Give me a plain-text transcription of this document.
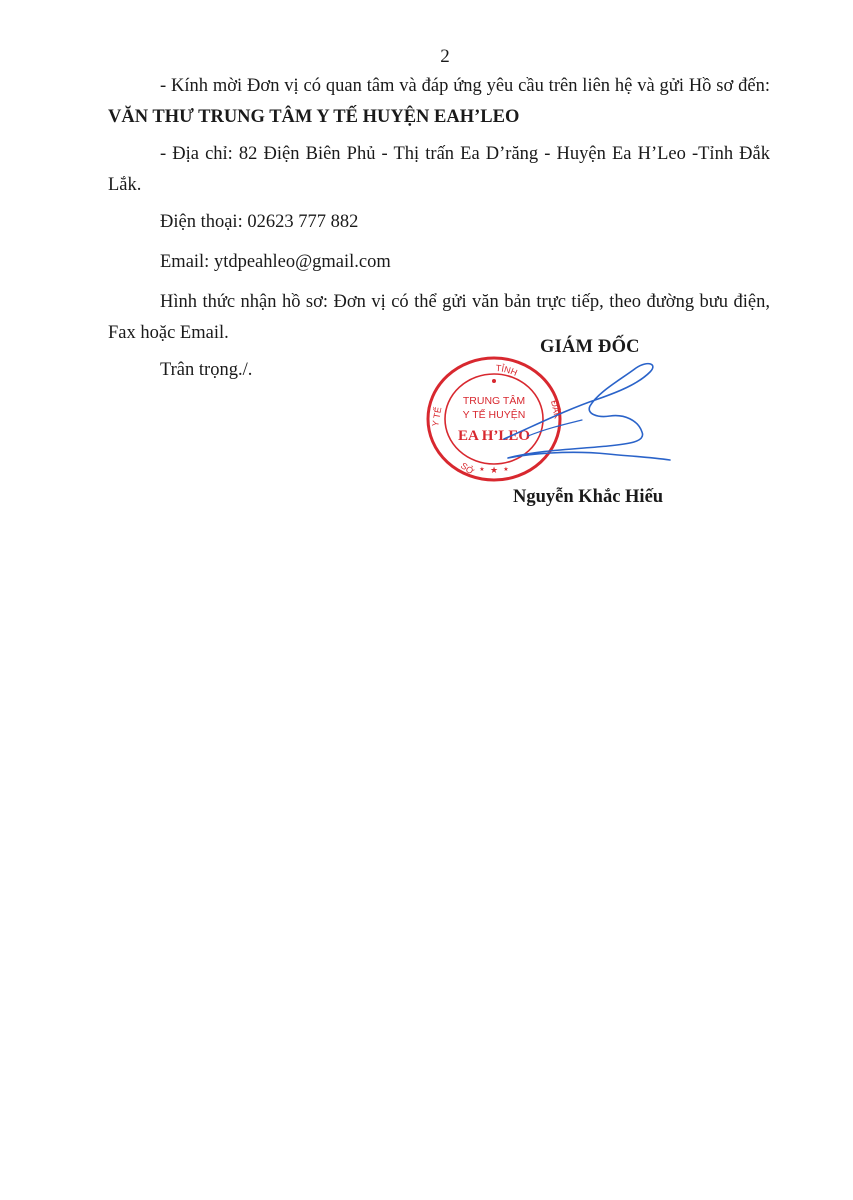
2

- Kính mời Đơn vị có quan tâm và đáp ứng yêu cầu trên liên hệ và gửi Hồ sơ đến: VĂN THƯ TRUNG TÂM Y TẾ HUYỆN EAH’LEO

- Địa chỉ: 82 Điện Biên Phủ - Thị trấn Ea D’răng - Huyện Ea H’Leo -Tỉnh Đắk Lắk.

Điện thoại: 02623 777 882

Email: ytdpeahleo@gmail.com

Hình thức nhận hồ sơ: Đơn vị có thể gửi văn bản trực tiếp, theo đường bưu điện, Fax hoặc Email.

Trân trọng./.

GIÁM ĐỐC
TỈNH
Y TẾ	ĐẮK
SỞ
TRUNG TÂM
Y TẾ HUYỆN
EA H’LEO
★
★	★
Nguyễn Khắc Hiếu
